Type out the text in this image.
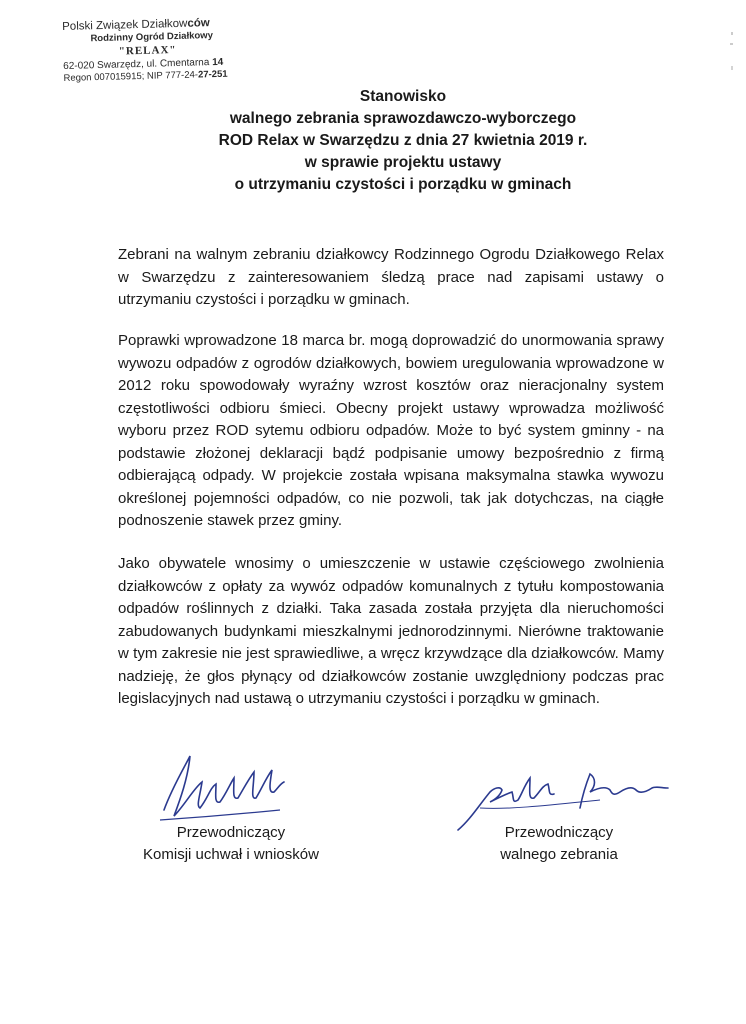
Polski Związek Działkowców
Rodzinny Ogród Działkowy
"RELAX"
62-020 Swarzędz, ul. Cmentarna 14
Regon 007015915; NIP 777-24-27-251
Stanowisko
walnego zebrania sprawozdawczo-wyborczego
ROD Relax w Swarzędzu z dnia 27 kwietnia 2019 r.
w sprawie projektu ustawy
o utrzymaniu czystości i porządku w gminach
Zebrani na walnym zebraniu działkowcy Rodzinnego Ogrodu Działkowego Relax w Swarzędzu z zainteresowaniem śledzą prace nad zapisami ustawy o utrzymaniu czystości i porządku w gminach.
Poprawki wprowadzone 18 marca br. mogą doprowadzić do unormowania sprawy wywozu odpadów z ogrodów działkowych, bowiem uregulowania wprowadzone w 2012 roku spowodowały wyraźny wzrost kosztów oraz nieracjonalny system częstotliwości odbioru śmieci. Obecny projekt ustawy wprowadza możliwość wyboru przez ROD sytemu odbioru odpadów. Może to być system gminny - na podstawie złożonej deklaracji bądź podpisanie umowy bezpośrednio z firmą odbierającą odpady. W projekcie została wpisana maksymalna stawka wywozu określonej pojemności odpadów, co nie pozwoli, tak jak dotychczas, na ciągłe podnoszenie stawek przez gminy.
Jako obywatele wnosimy o umieszczenie w ustawie częściowego zwolnienia działkowców z opłaty za wywóz odpadów komunalnych z tytułu kompostowania odpadów roślinnych z działki. Taka zasada została przyjęta dla nieruchomości zabudowanych budynkami mieszkalnymi jednorodzinnymi. Nierówne traktowanie w tym zakresie nie jest sprawiedliwe, a wręcz krzywdzące dla działkowców. Mamy nadzieję, że głos płynący od działkowców zostanie uwzględniony podczas prac legislacyjnych nad ustawą o utrzymaniu czystości i porządku w gminach.
Przewodniczący
Komisji uchwał i wniosków
Przewodniczący
walnego zebrania
